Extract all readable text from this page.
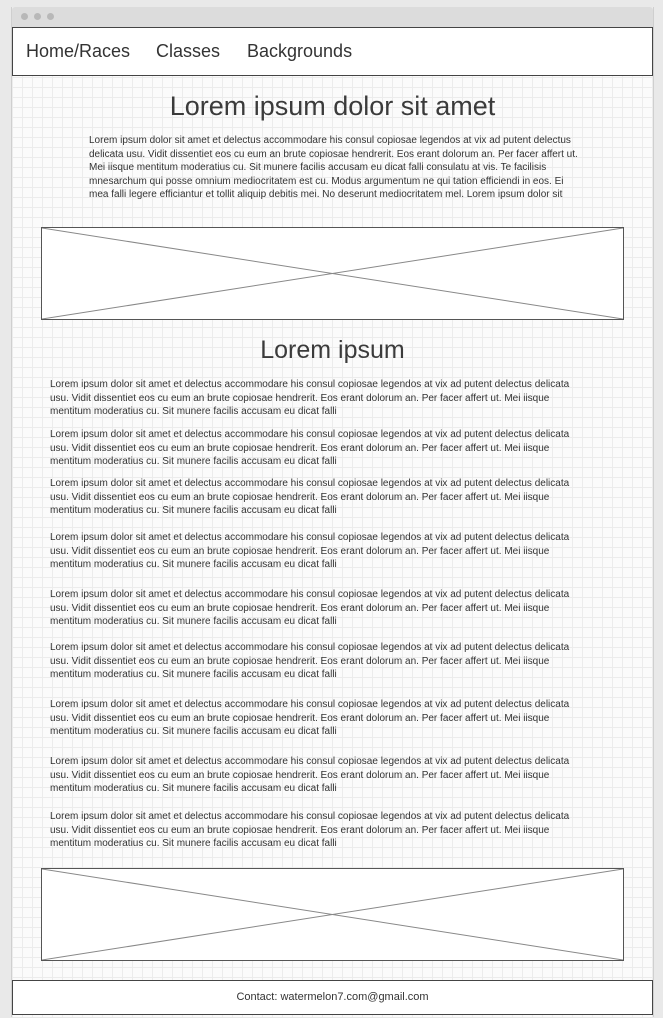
Home/Races Classes Backgrounds
Lorem ipsum dolor sit amet

Lorem ipsum dolor sit amet et delectus accommodare his consul copiosae legendos at vix ad putent delectus delicata usu. Vidit dissentiet eos cu eum an brute copiosae hendrerit. Eos erant dolorum an. Per facer affert ut. Mei iisque mentitum moderatius cu. Sit munere facilis accusam eu dicat falli consulatu at vis. Te facilisis mnesarchum qui posse omnium mediocritatem est cu. Modus argumentum ne qui tation efficiendi in eos. Ei mea falli legere efficiantur et tollit aliquip debitis mei. No deserunt mediocritatem mel. Lorem ipsum dolor sit

Lorem ipsum

Lorem ipsum dolor sit amet et delectus accommodare his consul copiosae legendos at vix ad putent delectus delicata usu. Vidit dissentiet eos cu eum an brute copiosae hendrerit. Eos erant dolorum an. Per facer affert ut. Mei iisque mentitum moderatius cu. Sit munere facilis accusam eu dicat falli

Lorem ipsum dolor sit amet et delectus accommodare his consul copiosae legendos at vix ad putent delectus delicata usu. Vidit dissentiet eos cu eum an brute copiosae hendrerit. Eos erant dolorum an. Per facer affert ut. Mei iisque mentitum moderatius cu. Sit munere facilis accusam eu dicat falli

Lorem ipsum dolor sit amet et delectus accommodare his consul copiosae legendos at vix ad putent delectus delicata usu. Vidit dissentiet eos cu eum an brute copiosae hendrerit. Eos erant dolorum an. Per facer affert ut. Mei iisque mentitum moderatius cu. Sit munere facilis accusam eu dicat falli

Lorem ipsum dolor sit amet et delectus accommodare his consul copiosae legendos at vix ad putent delectus delicata usu. Vidit dissentiet eos cu eum an brute copiosae hendrerit. Eos erant dolorum an. Per facer affert ut. Mei iisque mentitum moderatius cu. Sit munere facilis accusam eu dicat falli

Lorem ipsum dolor sit amet et delectus accommodare his consul copiosae legendos at vix ad putent delectus delicata usu. Vidit dissentiet eos cu eum an brute copiosae hendrerit. Eos erant dolorum an. Per facer affert ut. Mei iisque mentitum moderatius cu. Sit munere facilis accusam eu dicat falli

Lorem ipsum dolor sit amet et delectus accommodare his consul copiosae legendos at vix ad putent delectus delicata usu. Vidit dissentiet eos cu eum an brute copiosae hendrerit. Eos erant dolorum an. Per facer affert ut. Mei iisque mentitum moderatius cu. Sit munere facilis accusam eu dicat falli

Lorem ipsum dolor sit amet et delectus accommodare his consul copiosae legendos at vix ad putent delectus delicata usu. Vidit dissentiet eos cu eum an brute copiosae hendrerit. Eos erant dolorum an. Per facer affert ut. Mei iisque mentitum moderatius cu. Sit munere facilis accusam eu dicat falli

Lorem ipsum dolor sit amet et delectus accommodare his consul copiosae legendos at vix ad putent delectus delicata usu. Vidit dissentiet eos cu eum an brute copiosae hendrerit. Eos erant dolorum an. Per facer affert ut. Mei iisque mentitum moderatius cu. Sit munere facilis accusam eu dicat falli

Lorem ipsum dolor sit amet et delectus accommodare his consul copiosae legendos at vix ad putent delectus delicata usu. Vidit dissentiet eos cu eum an brute copiosae hendrerit. Eos erant dolorum an. Per facer affert ut. Mei iisque mentitum moderatius cu. Sit munere facilis accusam eu dicat falli

Contact: watermelon7.com@gmail.com
